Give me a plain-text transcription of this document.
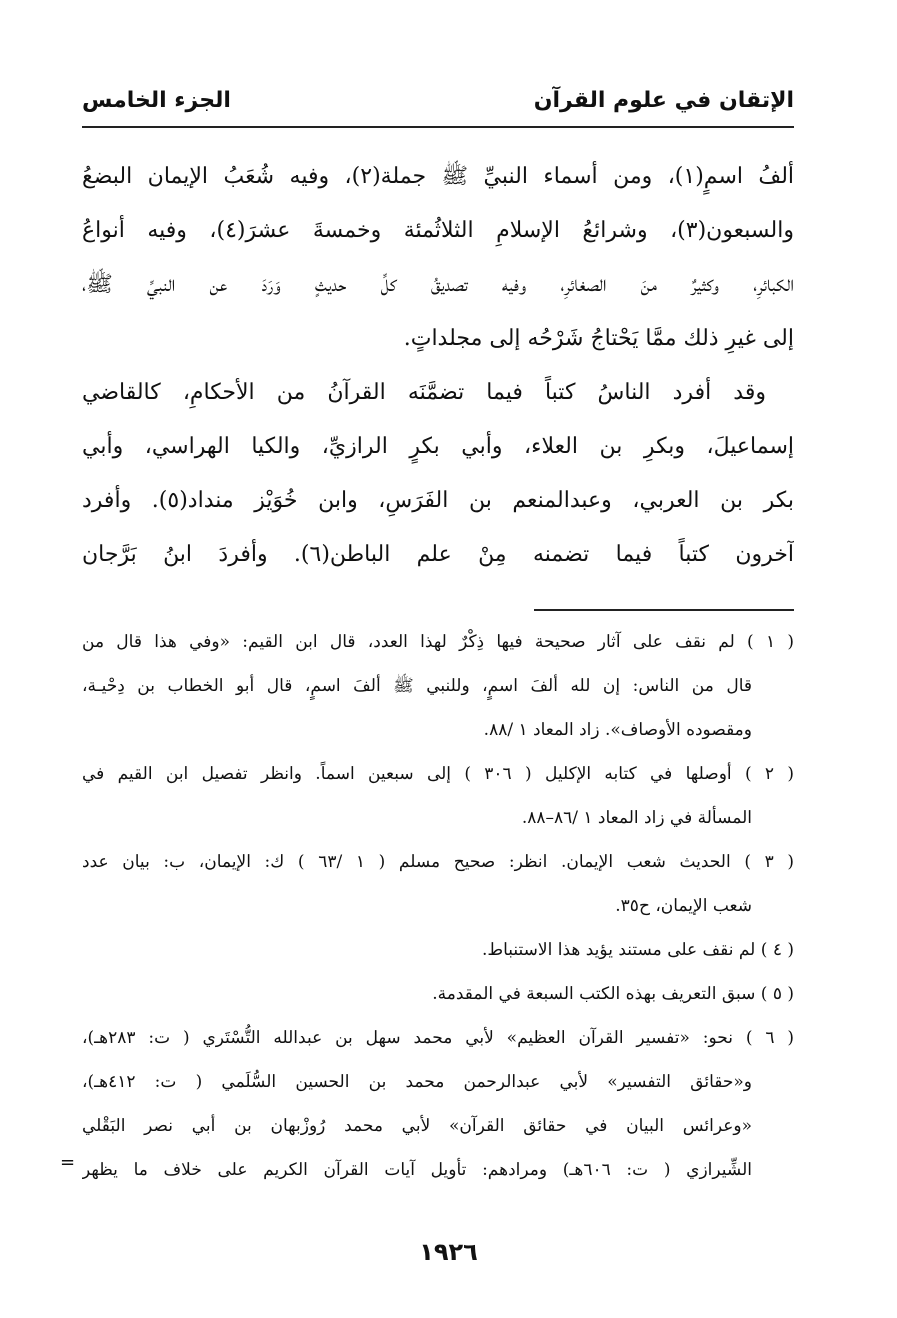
الإتقان في علوم القرآن
الجزء الخامس
ألفُ اسمٍ(١)، ومن أسماء النبيِّ ﷺ جملة(٢)، وفيه شُعَبُ الإيمان البضعُ
والسبعون(٣)، وشرائعُ الإسلامِ الثلاثُمئة وخمسةَ عشرَ(٤)، وفيه أنواعُ
الكبائرِ، وكثيرٌ منَ الصغائرِ، وفيه تصديقُ كلِّ حديثٍ وَرَدَ عن النبيِّ ﷺ،
إلى غيرِ ذلك ممَّا يَحْتاجُ شَرْحُه إلى مجلداتٍ.
وقد أفرد الناسُ كتباً فيما تضمَّنَه القرآنُ من الأحكامِ، كالقاضي
إسماعيلَ، وبكرِ بن العلاء، وأبي بكرٍ الرازيِّ، والكيا الهراسي، وأبي
بكر بن العربي، وعبدالمنعم بن الفَرَسِ، وابن خُوَيْز منداد(٥). وأفرد
آخرون كتباً فيما تضمنه مِنْ علم الباطن(٦). وأفردَ ابنُ بَرَّجان
( ١ ) لم نقف على آثار صحيحة فيها ذِكْرٌ لهذا العدد، قال ابن القيم: «وفي هذا قال من
قال من الناس: إن لله ألفَ اسمٍ، وللنبي ﷺ ألفَ اسمٍ، قال أبو الخطاب بن دِحْيـة،
ومقصوده الأوصاف». زاد المعاد ١ /٨٨.
( ٢ ) أوصلها في كتابه الإكليل ( ٣٠٦ ) إلى سبعين اسماً. وانظر تفصيل ابن القيم في
المسألة في زاد المعاد ١ /٨٦–٨٨.
( ٣ ) الحديث شعب الإيمان. انظر: صحيح مسلم ( ١ /٦٣ ) ك: الإيمان، ب: بيان عدد
شعب الإيمان، ح٣٥.
( ٤ ) لم نقف على مستند يؤيد هذا الاستنباط.
( ٥ ) سبق التعريف بهذه الكتب السبعة في المقدمة.
( ٦ ) نحو: «تفسير القرآن العظيم» لأبي محمد سهل بن عبدالله التُّسْتَري ( ت: ٢٨٣هـ)،
و«حقائق التفسير» لأبي عبدالرحمن محمد بن الحسين السُّلَمي ( ت: ٤١٢هـ)،
«وعرائس البيان في حقائق القرآن» لأبي محمد رُوزْبهان بن أبي نصر البَقْلي
الشِّيرازي ( ت: ٦٠٦هـ) ومرادهم: تأويل آيات القرآن الكريم على خلاف ما يظهر
=
١٩٢٦
